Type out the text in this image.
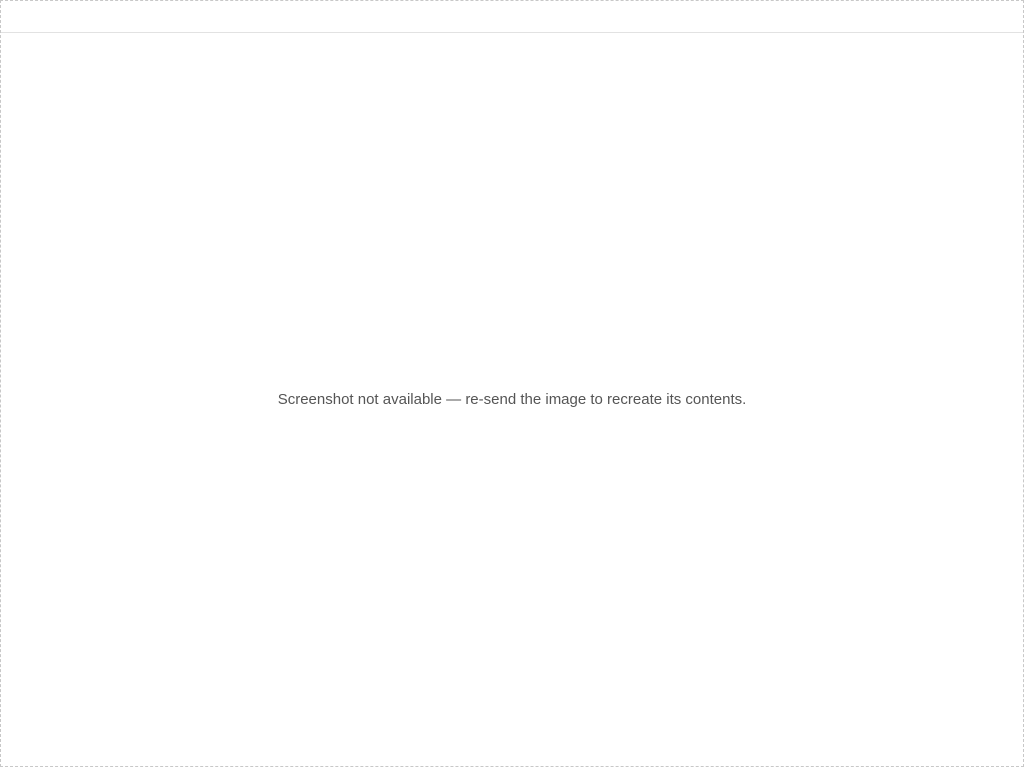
Screenshot not available — re-send the image to recreate its contents.
